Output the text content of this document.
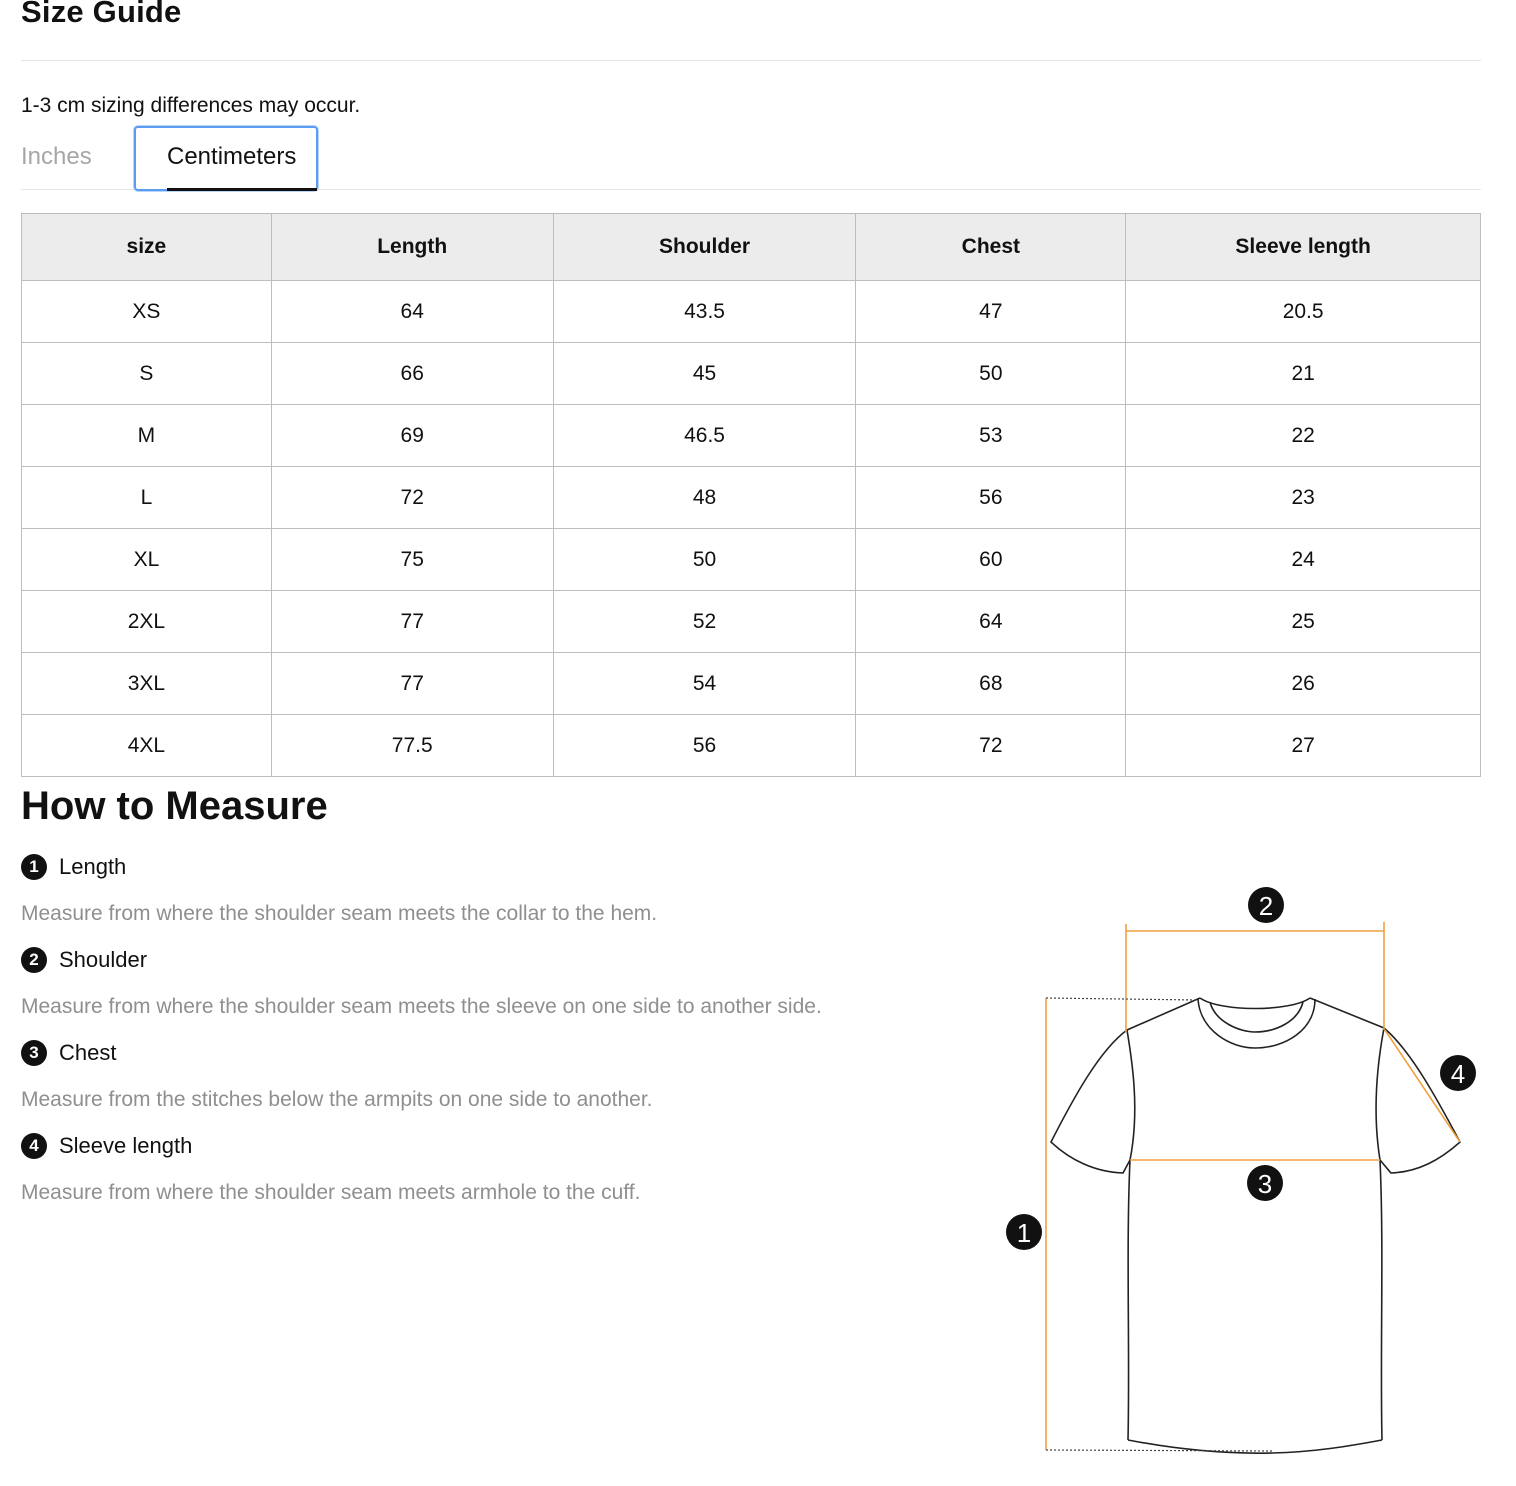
Size Guide
1-3 cm sizing differences may occur.
Inches	Centimeters
size	Length	Shoulder	Chest	Sleeve length
XS	64	43.5	47	20.5
S	66	45	50	21
M	69	46.5	53	22
L	72	48	56	23
XL	75	50	60	24
2XL	77	52	64	25
3XL	77	54	68	26
4XL	77.5	56	72	27
How to Measure
1 Length
Measure from where the shoulder seam meets the collar to the hem.
2 Shoulder
Measure from where the shoulder seam meets the sleeve on one side to another side.
3 Chest
Measure from the stitches below the armpits on one side to another.
4 Sleeve length
Measure from where the shoulder seam meets armhole to the cuff.
1
2
3
4
